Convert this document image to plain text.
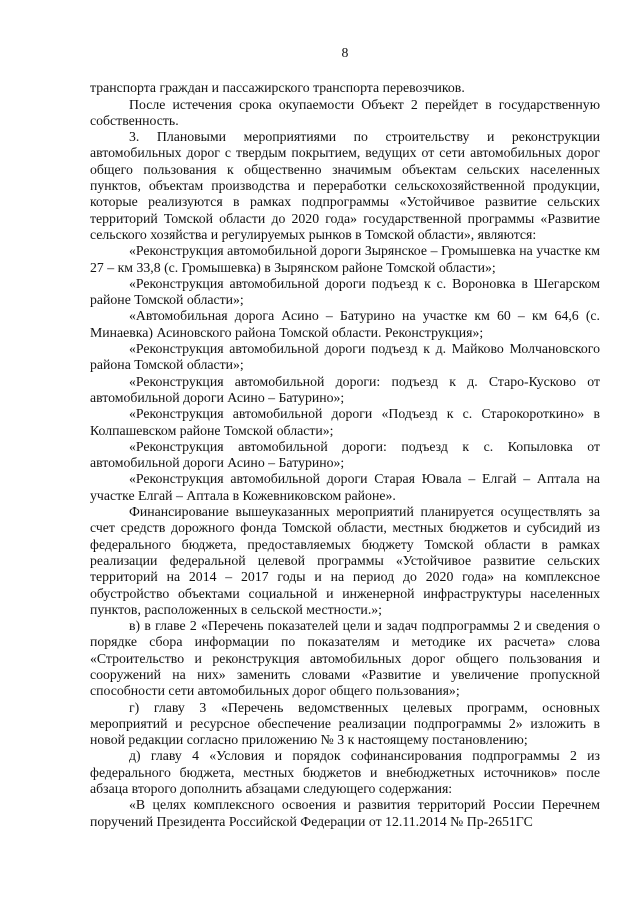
8

транспорта граждан и пассажирского транспорта перевозчиков.

После истечения срока окупаемости Объект 2 перейдет в государственную собственность.

3. Плановыми мероприятиями по строительству и реконструкции автомобильных дорог с твердым покрытием, ведущих от сети автомобильных дорог общего пользования к общественно значимым объектам сельских населенных пунктов, объектам производства и переработки сельскохозяйственной продукции, которые реализуются в рамках подпрограммы «Устойчивое развитие сельских территорий Томской области до 2020 года» государственной программы «Развитие сельского хозяйства и регулируемых рынков в Томской области», являются:

«Реконструкция автомобильной дороги Зырянское – Громышевка на участке км 27 – км 33,8 (с. Громышевка) в Зырянском районе Томской области»;

«Реконструкция автомобильной дороги подъезд к с. Вороновка в Шегарском районе Томской области»;

«Автомобильная дорога Асино – Батурино на участке км 60 – км 64,6 (с. Минаевка) Асиновского района Томской области. Реконструкция»;

«Реконструкция автомобильной дороги подъезд к д. Майково Молчановского района Томской области»;

«Реконструкция автомобильной дороги: подъезд к д. Старо-Кусково от автомобильной дороги Асино – Батурино»;

«Реконструкция автомобильной дороги «Подъезд к с. Старокороткино» в Колпашевском районе Томской области»;

«Реконструкция автомобильной дороги: подъезд к с. Копыловка от автомобильной дороги Асино – Батурино»;

«Реконструкция автомобильной дороги Старая Ювала – Елгай – Аптала на участке Елгай – Аптала в Кожевниковском районе».

Финансирование вышеуказанных мероприятий планируется осуществлять за счет средств дорожного фонда Томской области, местных бюджетов и субсидий из федерального бюджета, предоставляемых бюджету Томской области в рамках реализации федеральной целевой программы «Устойчивое развитие сельских территорий на 2014 – 2017 годы и на период до 2020 года» на комплексное обустройство объектами социальной и инженерной инфраструктуры населенных пунктов, расположенных в сельской местности.»;

в) в главе 2 «Перечень показателей цели и задач подпрограммы 2 и сведения о порядке сбора информации по показателям и методике их расчета» слова «Строительство и реконструкция автомобильных дорог общего пользования и сооружений на них» заменить словами «Развитие и увеличение пропускной способности сети автомобильных дорог общего пользования»;

г) главу 3 «Перечень ведомственных целевых программ, основных мероприятий и ресурсное обеспечение реализации подпрограммы 2» изложить в новой редакции согласно приложению № 3 к настоящему постановлению;

д) главу 4 «Условия и порядок софинансирования подпрограммы 2 из федерального бюджета, местных бюджетов и внебюджетных источников» после абзаца второго дополнить абзацами следующего содержания:

«В целях комплексного освоения и развития территорий России Перечнем поручений Президента Российской Федерации от 12.11.2014 № Пр-2651ГС
